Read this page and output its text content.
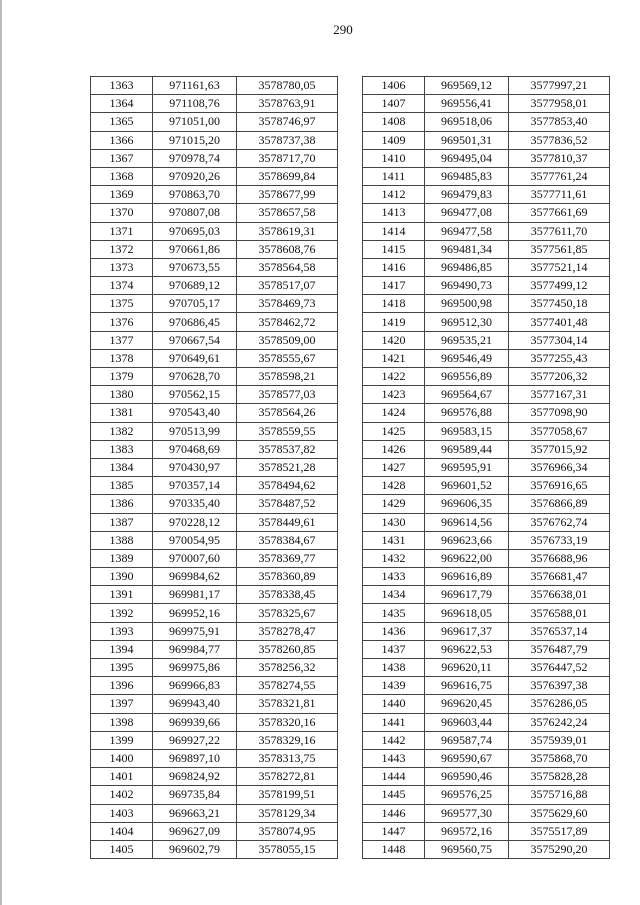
290
1363	971161,63	3578780,05
1364	971108,76	3578763,91
1365	971051,00	3578746,97
1366	971015,20	3578737,38
1367	970978,74	3578717,70
1368	970920,26	3578699,84
1369	970863,70	3578677,99
1370	970807,08	3578657,58
1371	970695,03	3578619,31
1372	970661,86	3578608,76
1373	970673,55	3578564,58
1374	970689,12	3578517,07
1375	970705,17	3578469,73
1376	970686,45	3578462,72
1377	970667,54	3578509,00
1378	970649,61	3578555,67
1379	970628,70	3578598,21
1380	970562,15	3578577,03
1381	970543,40	3578564,26
1382	970513,99	3578559,55
1383	970468,69	3578537,82
1384	970430,97	3578521,28
1385	970357,14	3578494,62
1386	970335,40	3578487,52
1387	970228,12	3578449,61
1388	970054,95	3578384,67
1389	970007,60	3578369,77
1390	969984,62	3578360,89
1391	969981,17	3578338,45
1392	969952,16	3578325,67
1393	969975,91	3578278,47
1394	969984,77	3578260,85
1395	969975,86	3578256,32
1396	969966,83	3578274,55
1397	969943,40	3578321,81
1398	969939,66	3578320,16
1399	969927,22	3578329,16
1400	969897,10	3578313,75
1401	969824,92	3578272,81
1402	969735,84	3578199,51
1403	969663,21	3578129,34
1404	969627,09	3578074,95
1405	969602,79	3578055,15
1406	969569,12	3577997,21
1407	969556,41	3577958,01
1408	969518,06	3577853,40
1409	969501,31	3577836,52
1410	969495,04	3577810,37
1411	969485,83	3577761,24
1412	969479,83	3577711,61
1413	969477,08	3577661,69
1414	969477,58	3577611,70
1415	969481,34	3577561,85
1416	969486,85	3577521,14
1417	969490,73	3577499,12
1418	969500,98	3577450,18
1419	969512,30	3577401,48
1420	969535,21	3577304,14
1421	969546,49	3577255,43
1422	969556,89	3577206,32
1423	969564,67	3577167,31
1424	969576,88	3577098,90
1425	969583,15	3577058,67
1426	969589,44	3577015,92
1427	969595,91	3576966,34
1428	969601,52	3576916,65
1429	969606,35	3576866,89
1430	969614,56	3576762,74
1431	969623,66	3576733,19
1432	969622,00	3576688,96
1433	969616,89	3576681,47
1434	969617,79	3576638,01
1435	969618,05	3576588,01
1436	969617,37	3576537,14
1437	969622,53	3576487,79
1438	969620,11	3576447,52
1439	969616,75	3576397,38
1440	969620,45	3576286,05
1441	969603,44	3576242,24
1442	969587,74	3575939,01
1443	969590,67	3575868,70
1444	969590,46	3575828,28
1445	969576,25	3575716,88
1446	969577,30	3575629,60
1447	969572,16	3575517,89
1448	969560,75	3575290,20
